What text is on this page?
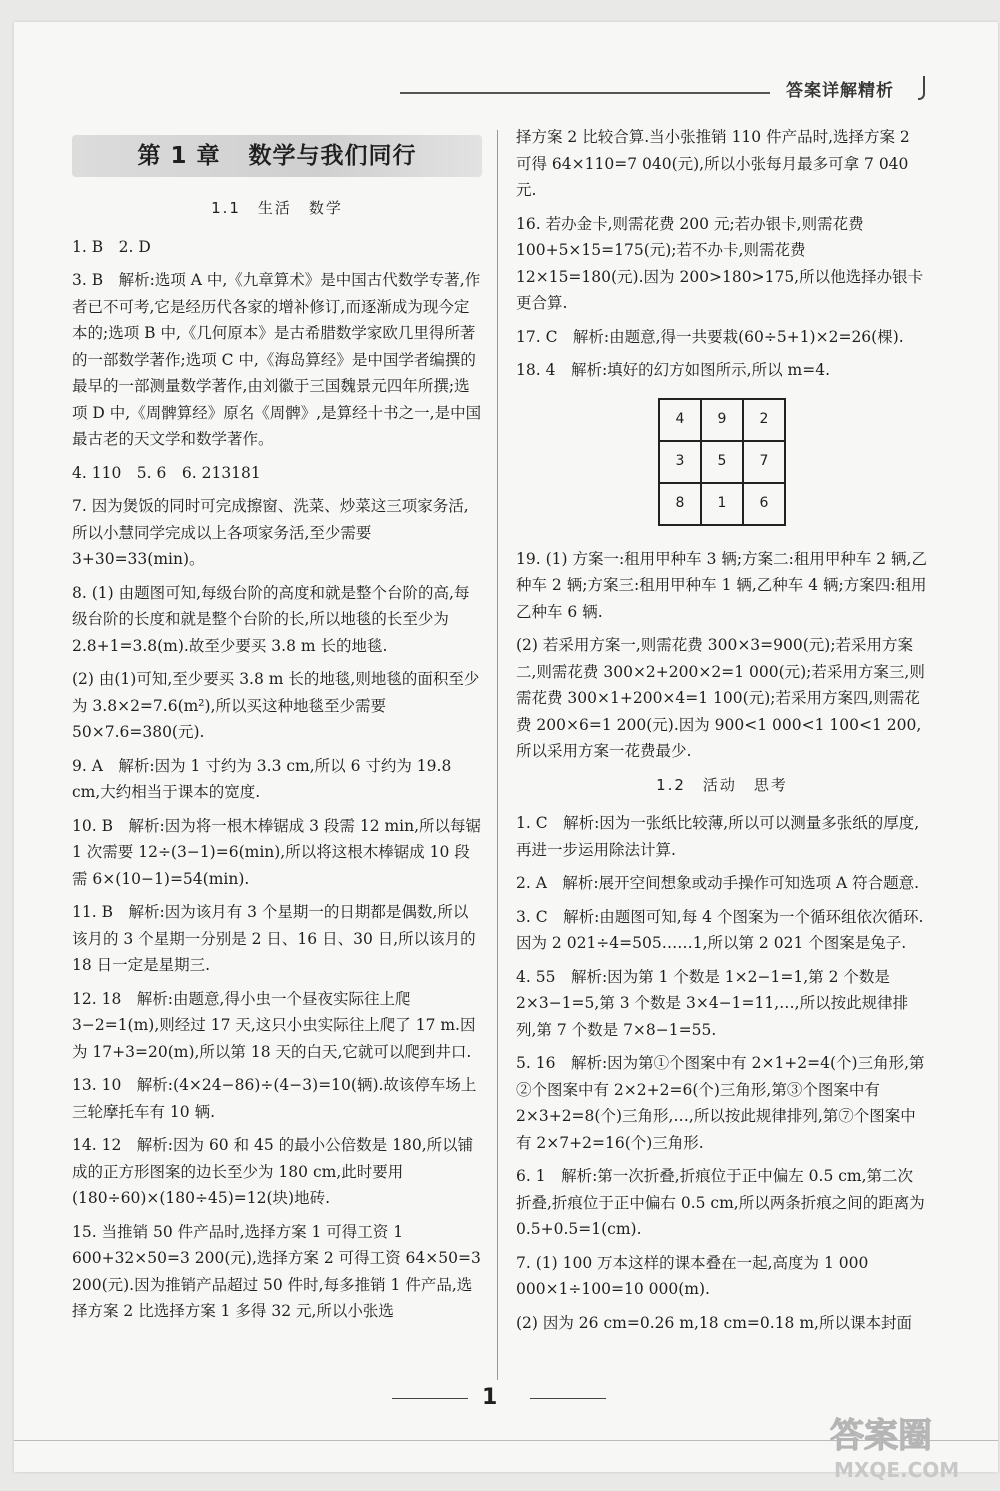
答案详解精析
第 1 章 数学与我们同行
1.1　生活　数学
1. B　2. D
3. B　解析:选项 A 中,《九章算术》是中国古代数学专著,作者已不可考,它是经历代各家的增补修订,而逐渐成为现今定本的;选项 B 中,《几何原本》是古希腊数学家欧几里得所著的一部数学著作;选项 C 中,《海岛算经》是中国学者编撰的最早的一部测量数学著作,由刘徽于三国魏景元四年所撰;选项 D 中,《周髀算经》原名《周髀》,是算经十书之一,是中国最古老的天文学和数学著作。
4. 110　5. 6　6. 213181
7. 因为煲饭的同时可完成擦窗、洗菜、炒菜这三项家务活,所以小慧同学完成以上各项家务活,至少需要 3+30=33(min)。
8. (1) 由题图可知,每级台阶的高度和就是整个台阶的高,每级台阶的长度和就是整个台阶的长,所以地毯的长至少为 2.8+1=3.8(m).故至少要买 3.8 m 长的地毯.
(2) 由(1)可知,至少要买 3.8 m 长的地毯,则地毯的面积至少为 3.8×2=7.6(m²),所以买这种地毯至少需要 50×7.6=380(元).
9. A　解析:因为 1 寸约为 3.3 cm,所以 6 寸约为 19.8 cm,大约相当于课本的宽度.
10. B　解析:因为将一根木棒锯成 3 段需 12 min,所以每锯 1 次需要 12÷(3−1)=6(min),所以将这根木棒锯成 10 段需 6×(10−1)=54(min).
11. B　解析:因为该月有 3 个星期一的日期都是偶数,所以该月的 3 个星期一分别是 2 日、16 日、30 日,所以该月的 18 日一定是星期三.
12. 18　解析:由题意,得小虫一个昼夜实际往上爬 3−2=1(m),则经过 17 天,这只小虫实际往上爬了 17 m.因为 17+3=20(m),所以第 18 天的白天,它就可以爬到井口.
13. 10　解析:(4×24−86)÷(4−3)=10(辆).故该停车场上三轮摩托车有 10 辆.
14. 12　解析:因为 60 和 45 的最小公倍数是 180,所以铺成的正方形图案的边长至少为 180 cm,此时要用(180÷60)×(180÷45)=12(块)地砖.
15. 当推销 50 件产品时,选择方案 1 可得工资 1 600+32×50=3 200(元),选择方案 2 可得工资 64×50=3 200(元).因为推销产品超过 50 件时,每多推销 1 件产品,选择方案 2 比选择方案 1 多得 32 元,所以小张选
择方案 2 比较合算.当小张推销 110 件产品时,选择方案 2 可得 64×110=7 040(元),所以小张每月最多可拿 7 040 元.
16. 若办金卡,则需花费 200 元;若办银卡,则需花费 100+5×15=175(元);若不办卡,则需花费 12×15=180(元).因为 200>180>175,所以他选择办银卡更合算.
17. C　解析:由题意,得一共要栽(60÷5+1)×2=26(棵).
18. 4　解析:填好的幻方如图所示,所以 m=4.
4	9	2
3	5	7
8	1	6
19. (1) 方案一:租用甲种车 3 辆;方案二:租用甲种车 2 辆,乙种车 2 辆;方案三:租用甲种车 1 辆,乙种车 4 辆;方案四:租用乙种车 6 辆.
(2) 若采用方案一,则需花费 300×3=900(元);若采用方案二,则需花费 300×2+200×2=1 000(元);若采用方案三,则需花费 300×1+200×4=1 100(元);若采用方案四,则需花费 200×6=1 200(元).因为 900<1 000<1 100<1 200,所以采用方案一花费最少.
1.2　活动　思考
1. C　解析:因为一张纸比较薄,所以可以测量多张纸的厚度,再进一步运用除法计算.
2. A　解析:展开空间想象或动手操作可知选项 A 符合题意.
3. C　解析:由题图可知,每 4 个图案为一个循环组依次循环.因为 2 021÷4=505……1,所以第 2 021 个图案是兔子.
4. 55　解析:因为第 1 个数是 1×2−1=1,第 2 个数是 2×3−1=5,第 3 个数是 3×4−1=11,…,所以按此规律排列,第 7 个数是 7×8−1=55.
5. 16　解析:因为第①个图案中有 2×1+2=4(个)三角形,第②个图案中有 2×2+2=6(个)三角形,第③个图案中有 2×3+2=8(个)三角形,…,所以按此规律排列,第⑦个图案中有 2×7+2=16(个)三角形.
6. 1　解析:第一次折叠,折痕位于正中偏左 0.5 cm,第二次折叠,折痕位于正中偏右 0.5 cm,所以两条折痕之间的距离为 0.5+0.5=1(cm).
7. (1) 100 万本这样的课本叠在一起,高度为 1 000 000×1÷100=10 000(m).
(2) 因为 26 cm=0.26 m,18 cm=0.18 m,所以课本封面
1
答案圈
MXQE.COM
